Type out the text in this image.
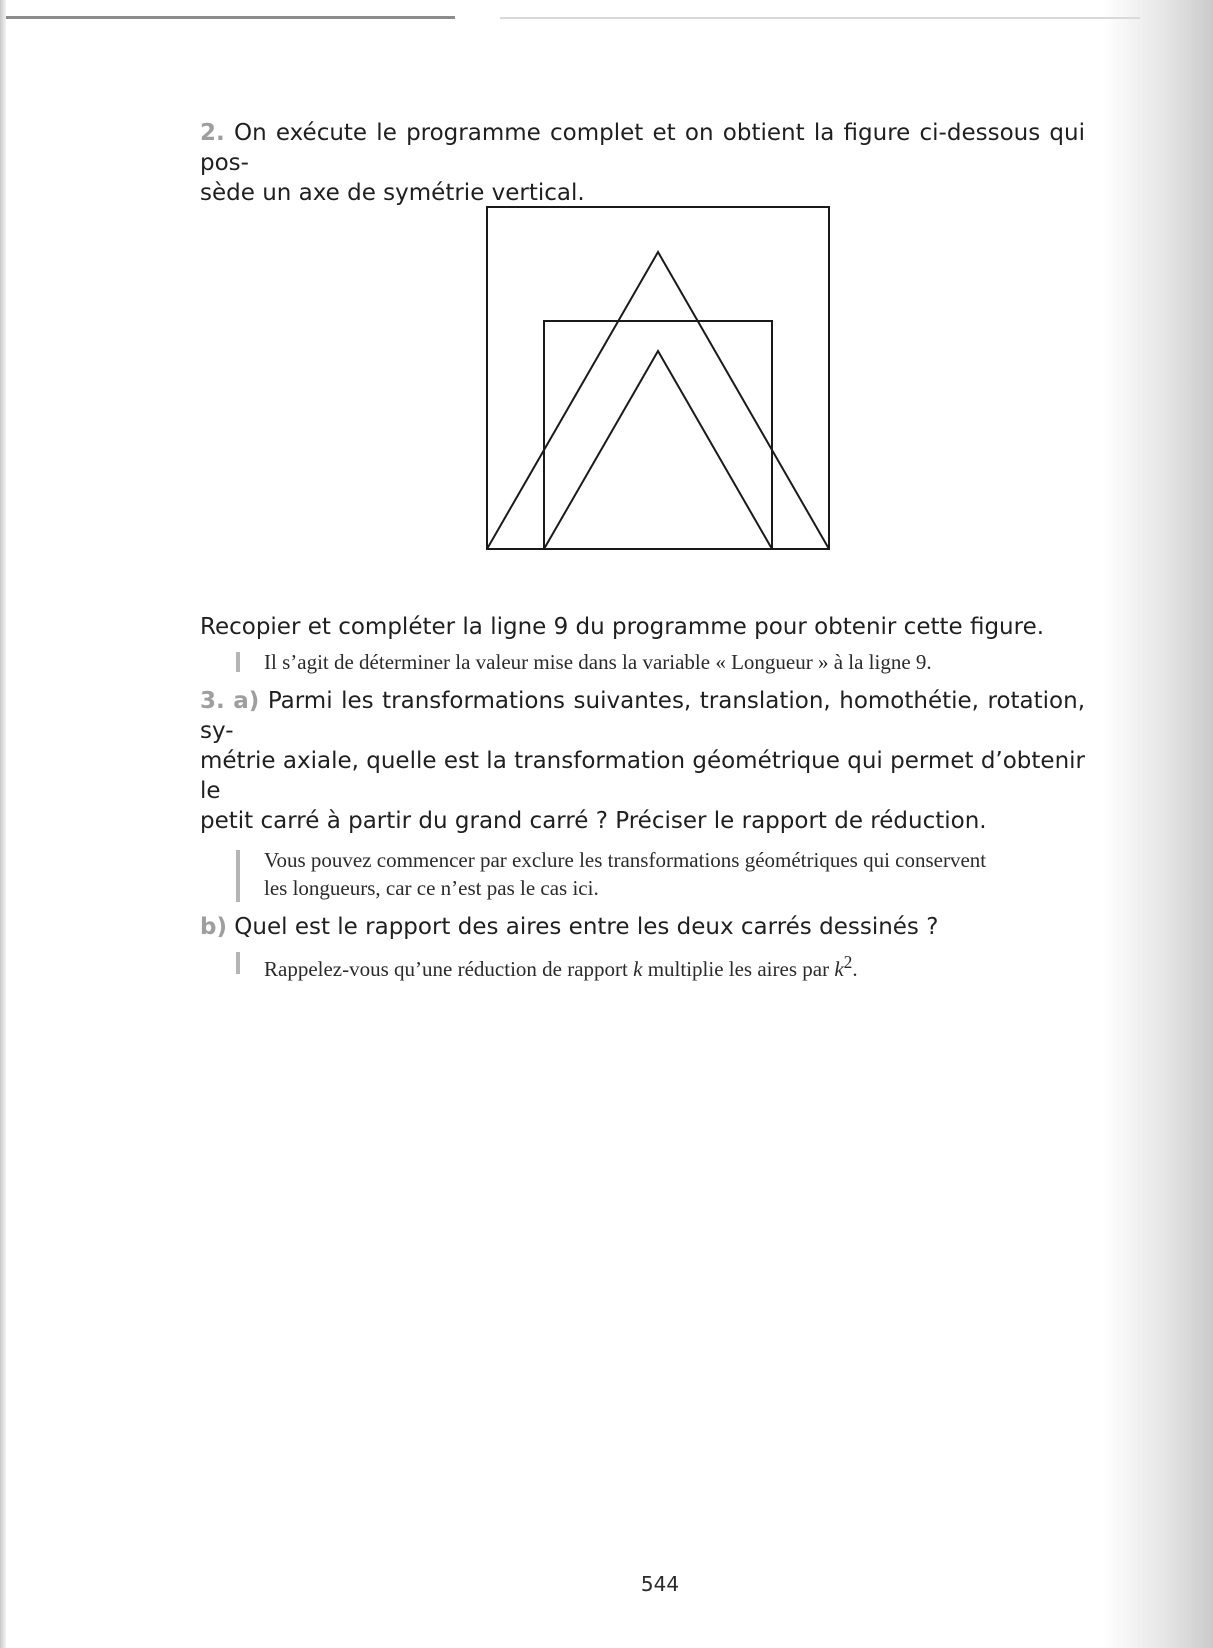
2. On exécute le programme complet et on obtient la figure ci-dessous qui pos-

sède un axe de symétrie vertical.

Recopier et compléter la ligne 9 du programme pour obtenir cette figure.

Il s’agit de déterminer la valeur mise dans la variable « Longueur » à la ligne 9.

3. a) Parmi les transformations suivantes, translation, homothétie, rotation, sy-

métrie axiale, quelle est la transformation géométrique qui permet d’obtenir le

petit carré à partir du grand carré ? Préciser le rapport de réduction.

Vous pouvez commencer par exclure les transformations géométriques qui conservent
les longueurs, car ce n’est pas le cas ici.

b) Quel est le rapport des aires entre les deux carrés dessinés ?

Rappelez-vous qu’une réduction de rapport k multiplie les aires par $k^2$.
544
